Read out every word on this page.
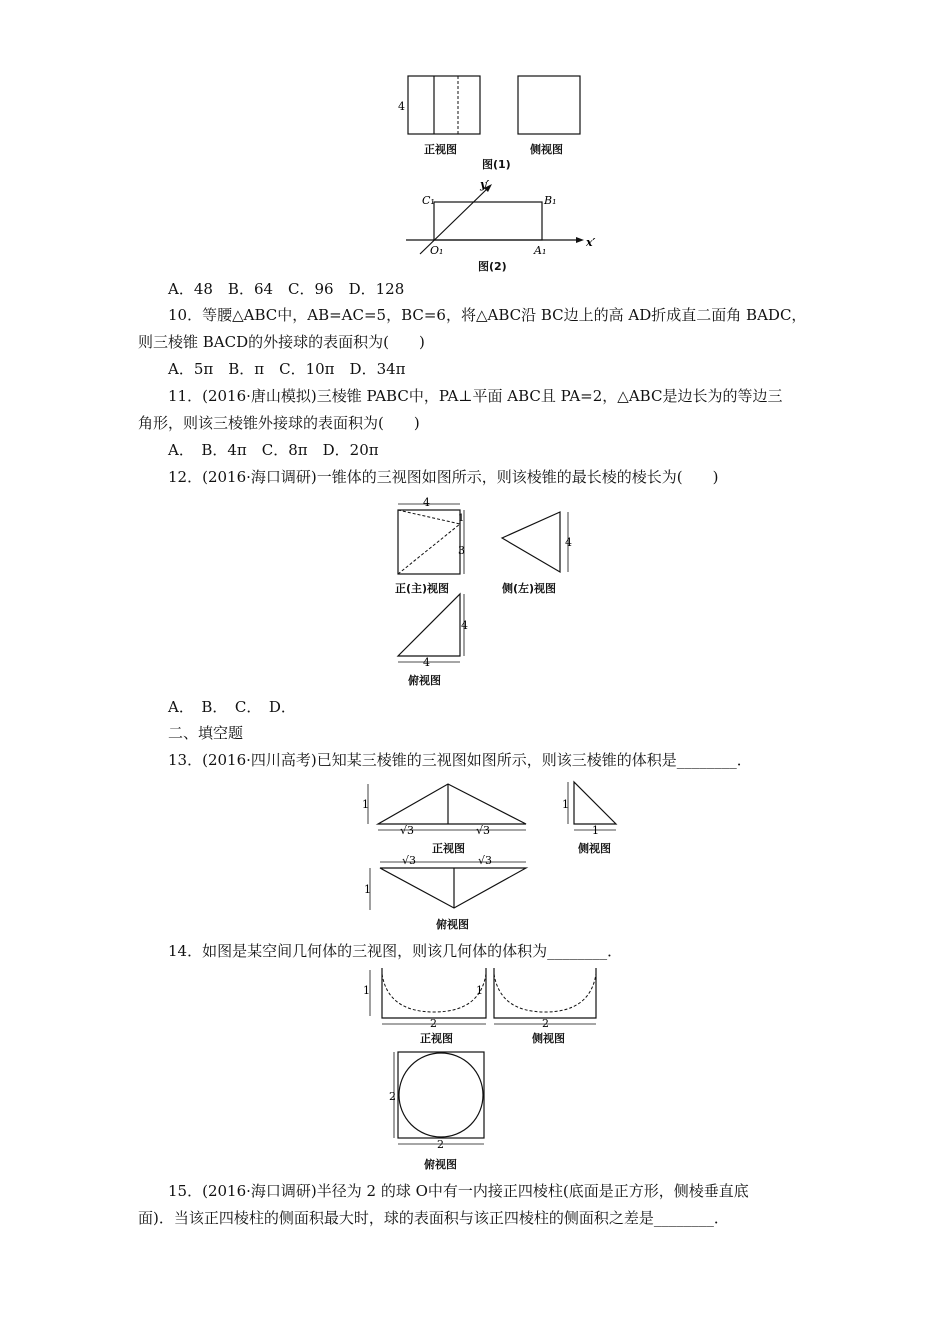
4
正视图	侧视图
图(1)
y′
x′
C₁	B₁
O₁	A₁
图(2)
A．48　B．64　C．96　D．128
10．等腰△ABC中，AB=AC=5，BC=6，将△ABC沿 BC边上的高 AD折成直二面角 BADC，
则三棱锥 BACD的外接球的表面积为(　　)
A．5π　B．π　C．10π　D．34π
11．(2016·唐山模拟)三棱锥 PABC中，PA⊥平面 ABC且 PA=2，△ABC是边长为的等边三
角形，则该三棱锥外接球的表面积为(　　)
A．　B．4π　C．8π　D．20π
12．(2016·海口调研)一锥体的三视图如图所示，则该棱锥的最长棱的棱长为(　　)
4
1
3
4
4
4
正(主)视图	侧(左)视图
俯视图
A．　B．　C．　D．
二、填空题
13．(2016·四川高考)已知某三棱锥的三视图如图所示，则该三棱锥的体积是________．
1
√3	√3
1
1
√3	√3
1
正视图	侧视图
俯视图
14．如图是某空间几何体的三视图，则该几何体的体积为________．
1
2
1
2
2
2
正视图	侧视图
俯视图
15．(2016·海口调研)半径为 2 的球 O中有一内接正四棱柱(底面是正方形，侧棱垂直底
面)．当该正四棱柱的侧面积最大时，球的表面积与该正四棱柱的侧面积之差是________．
